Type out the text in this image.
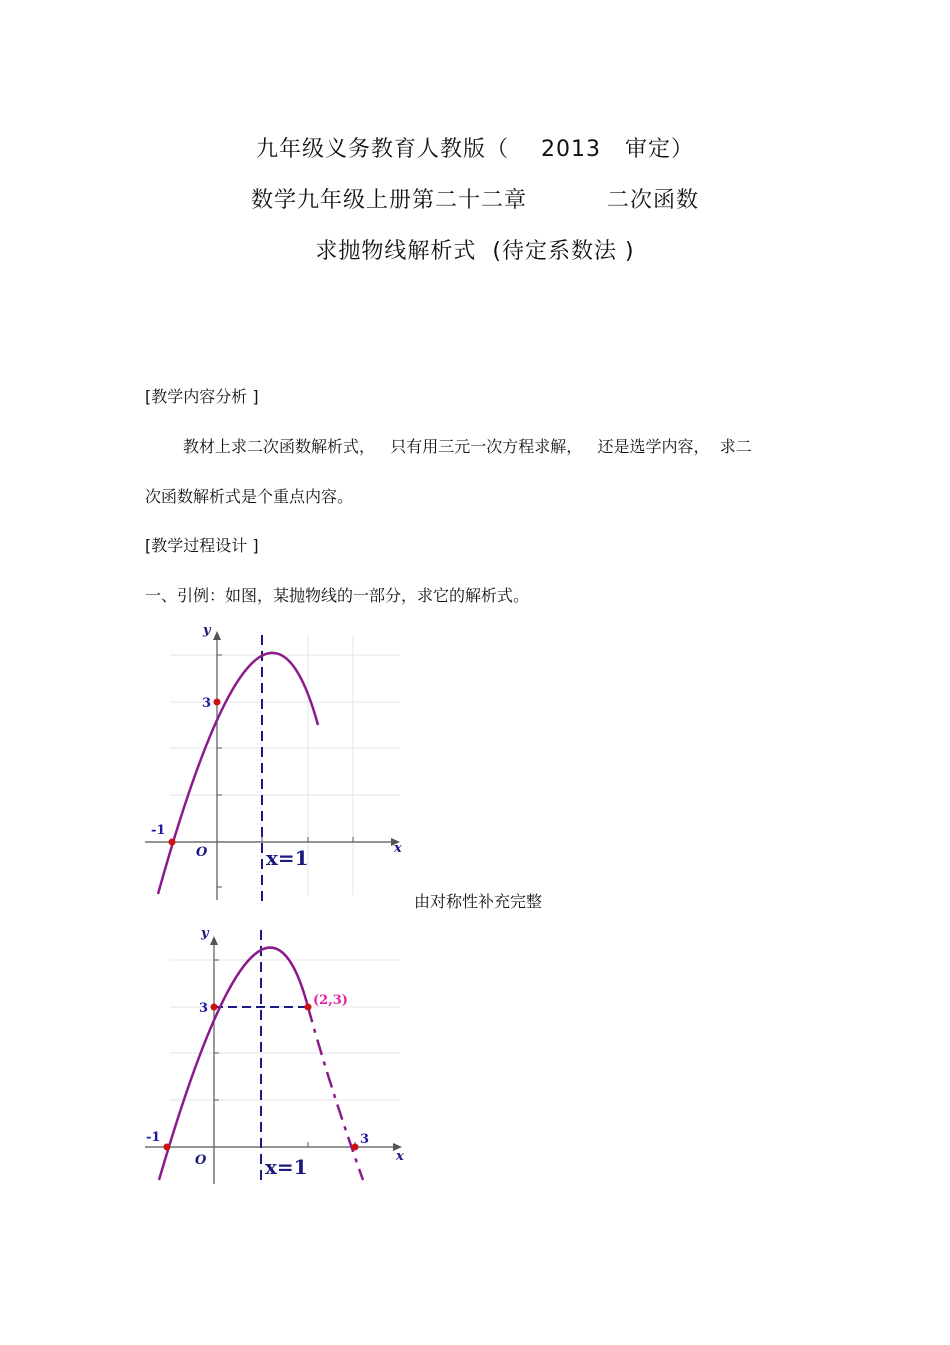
九年级义务教育人教版（    2013   审定）
数学九年级上册第二十二章          二次函数
求抛物线解析式  (待定系数法 )
[教学内容分析 ]
教材上求二次函数解析式，   只有用三元一次方程求解，   还是选学内容，  求二
次函数解析式是个重点内容。
[教学过程设计 ]
一、引例：如图，某抛物线的一部分，求它的解析式。
y
x
O
3
-1
x=1
由对称性补充完整
y
x
O
3
-1	3
(2,3)
x=1
